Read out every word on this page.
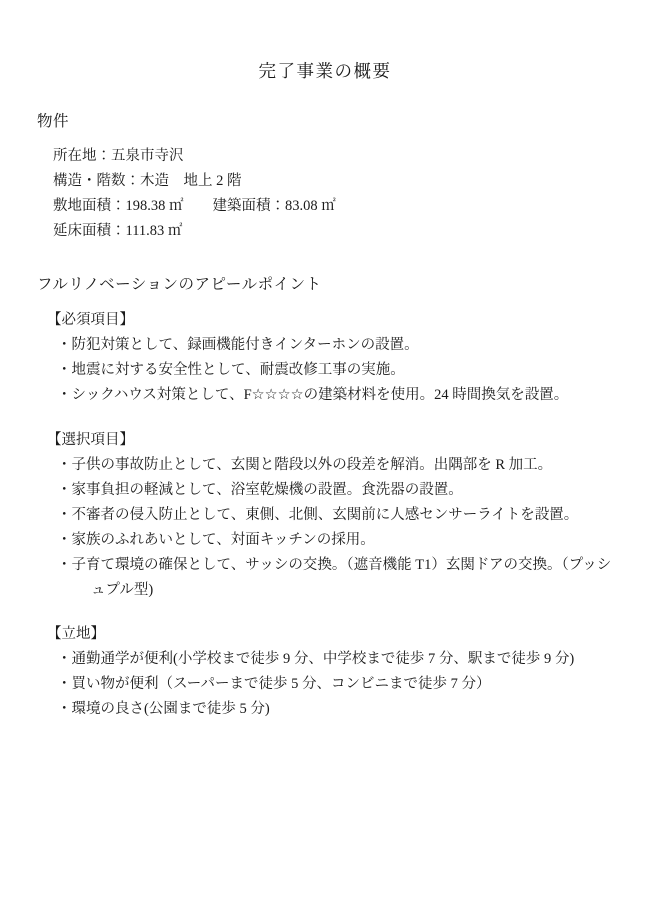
完了事業の概要
物件
所在地：五泉市寺沢
構造・階数：木造　地上 2 階
敷地面積：198.38 ㎡　　建築面積：83.08 ㎡
延床面積：111.83 ㎡
フルリノベーションのアピールポイント
【必須項目】
・防犯対策として、録画機能付きインターホンの設置。
・地震に対する安全性として、耐震改修工事の実施。
・シックハウス対策として、F☆☆☆☆の建築材料を使用。24 時間換気を設置。
【選択項目】
・子供の事故防止として、玄関と階段以外の段差を解消。出隅部を R 加工。
・家事負担の軽減として、浴室乾燥機の設置。食洗器の設置。
・不審者の侵入防止として、東側、北側、玄関前に人感センサーライトを設置。
・家族のふれあいとして、対面キッチンの採用。
・子育て環境の確保として、サッシの交換。（遮音機能 T1）玄関ドアの交換。（プッシ
ュプル型)
【立地】
・通勤通学が便利(小学校まで徒歩 9 分、中学校まで徒歩 7 分、駅まで徒歩 9 分)
・買い物が便利（スーパーまで徒歩 5 分、コンビニまで徒歩 7 分）
・環境の良さ(公園まで徒歩 5 分)
